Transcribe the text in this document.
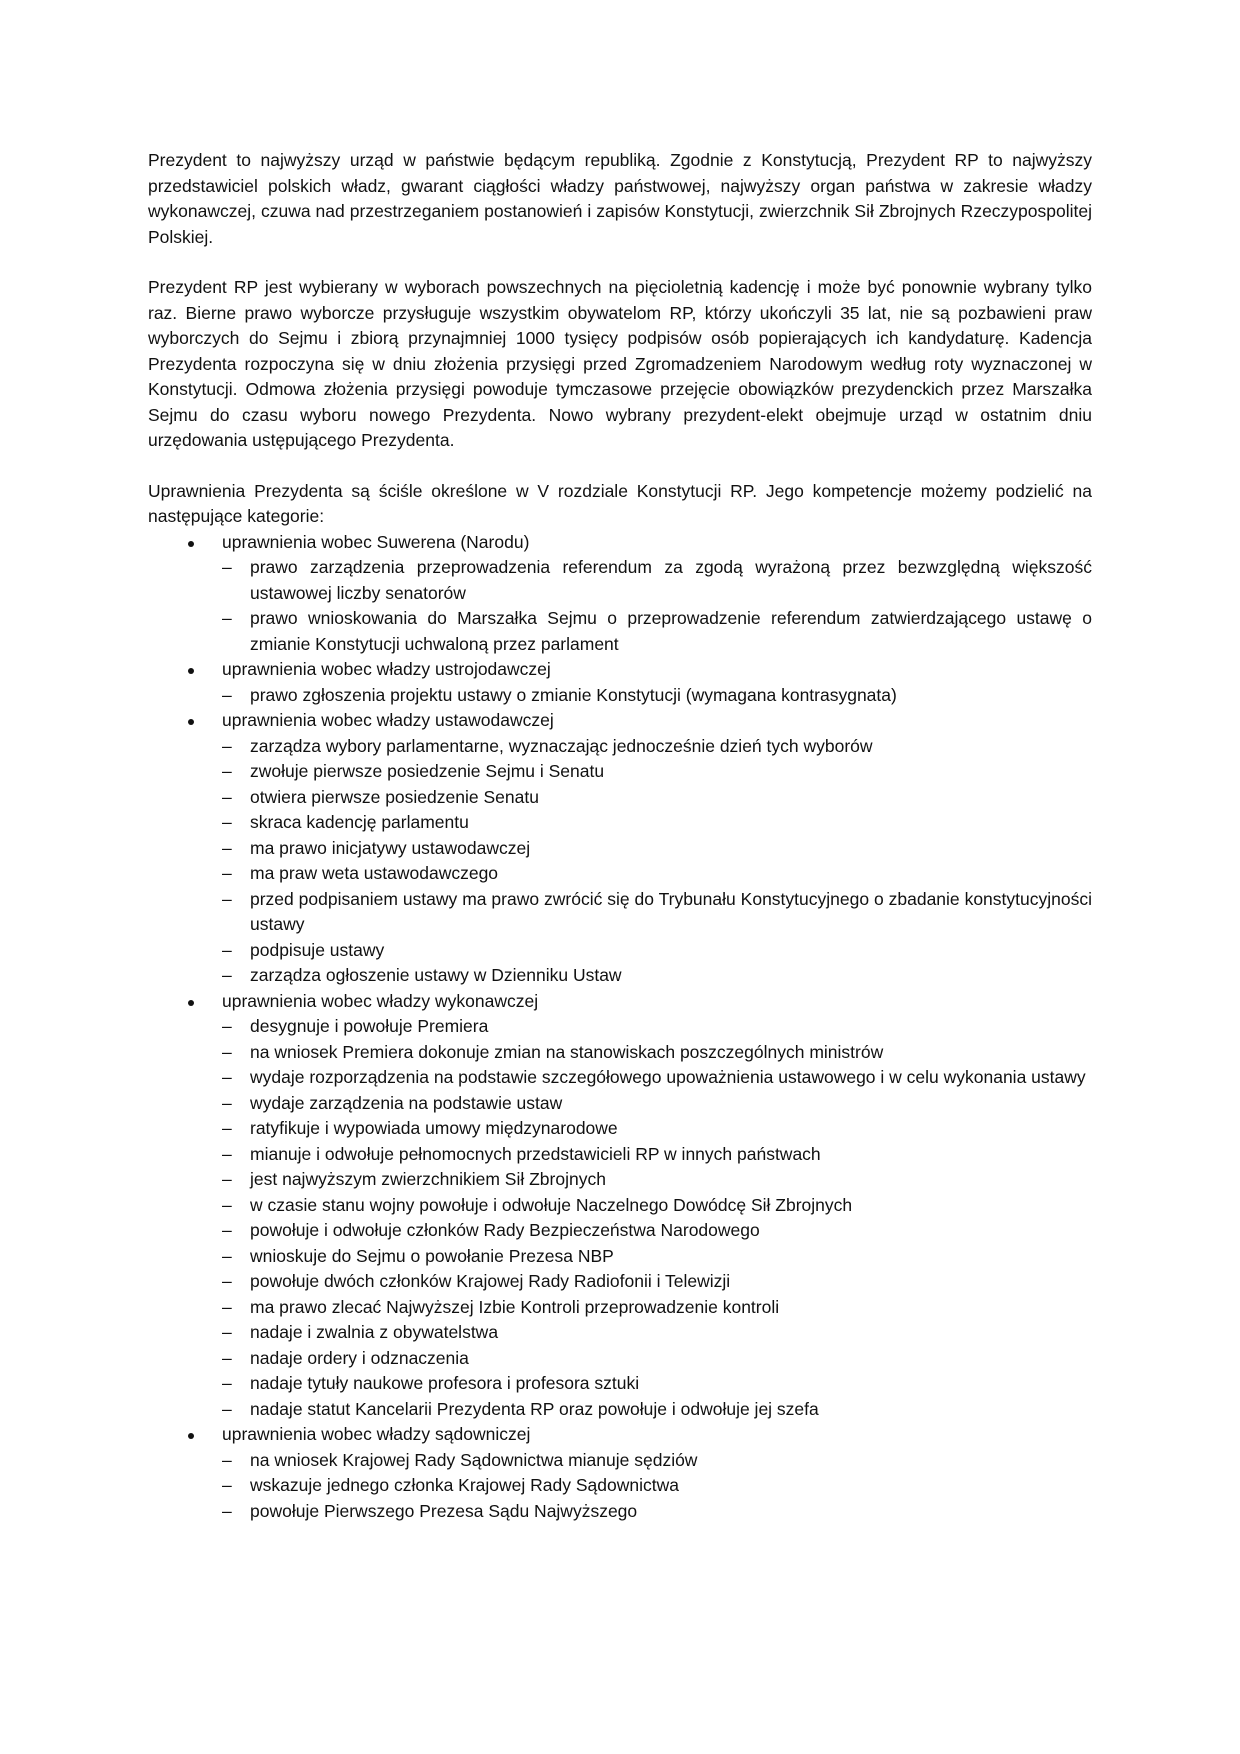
Prezydent to najwyższy urząd w państwie będącym republiką. Zgodnie z Konstytucją, Prezydent RP to najwyższy przedstawiciel polskich władz, gwarant ciągłości władzy państwowej, najwyższy organ państwa w zakresie władzy wykonawczej, czuwa nad przestrzeganiem postanowień i zapisów Konstytucji, zwierzchnik Sił Zbrojnych Rzeczypospolitej Polskiej.

Prezydent RP jest wybierany w wyborach powszechnych na pięcioletnią kadencję i może być ponownie wybrany tylko raz. Bierne prawo wyborcze przysługuje wszystkim obywatelom RP, którzy ukończyli 35 lat, nie są pozbawieni praw wyborczych do Sejmu i zbiorą przynajmniej 1000 tysięcy podpisów osób popierających ich kandydaturę. Kadencja Prezydenta rozpoczyna się w dniu złożenia przysięgi przed Zgromadzeniem Narodowym według roty wyznaczonej w Konstytucji. Odmowa złożenia przysięgi powoduje tymczasowe przejęcie obowiązków prezydenckich przez Marszałka Sejmu do czasu wyboru nowego Prezydenta. Nowo wybrany prezydent-elekt obejmuje urząd w ostatnim dniu urzędowania ustępującego Prezydenta.

Uprawnienia Prezydenta są ściśle określone w V rozdziale Konstytucji RP. Jego kompetencje możemy podzielić na następujące kategorie:

uprawnienia wobec Suwerena (Narodu)
–	prawo zarządzenia przeprowadzenia referendum za zgodą wyrażoną przez bezwzględną większość ustawowej liczby senatorów
–	prawo wnioskowania do Marszałka Sejmu o przeprowadzenie referendum zatwierdzającego ustawę o zmianie Konstytucji uchwaloną przez parlament
uprawnienia wobec władzy ustrojodawczej
–	prawo zgłoszenia projektu ustawy o zmianie Konstytucji (wymagana kontrasygnata)
uprawnienia wobec władzy ustawodawczej
–	zarządza wybory parlamentarne, wyznaczając jednocześnie dzień tych wyborów
–	zwołuje pierwsze posiedzenie Sejmu i Senatu
–	otwiera pierwsze posiedzenie Senatu
–	skraca kadencję parlamentu
–	ma prawo inicjatywy ustawodawczej
–	ma praw weta ustawodawczego
–	przed podpisaniem ustawy ma prawo zwrócić się do Trybunału Konstytucyjnego o zbadanie konstytucyjności ustawy
–	podpisuje ustawy
–	zarządza ogłoszenie ustawy w Dzienniku Ustaw
uprawnienia wobec władzy wykonawczej
–	desygnuje i powołuje Premiera
–	na wniosek Premiera dokonuje zmian na stanowiskach poszczególnych ministrów
–	wydaje rozporządzenia na podstawie szczegółowego upoważnienia ustawowego i w celu wykonania ustawy
–	wydaje zarządzenia na podstawie ustaw
–	ratyfikuje i wypowiada umowy międzynarodowe
–	mianuje i odwołuje pełnomocnych przedstawicieli RP w innych państwach
–	jest najwyższym zwierzchnikiem Sił Zbrojnych
–	w czasie stanu wojny powołuje i odwołuje Naczelnego Dowódcę Sił Zbrojnych
–	powołuje i odwołuje członków Rady Bezpieczeństwa Narodowego
–	wnioskuje do Sejmu o powołanie Prezesa NBP
–	powołuje dwóch członków Krajowej Rady Radiofonii i Telewizji
–	ma prawo zlecać Najwyższej Izbie Kontroli przeprowadzenie kontroli
–	nadaje i zwalnia z obywatelstwa
–	nadaje ordery i odznaczenia
–	nadaje tytuły naukowe profesora i profesora sztuki
–	nadaje statut Kancelarii Prezydenta RP oraz powołuje i odwołuje jej szefa
uprawnienia wobec władzy sądowniczej
–	na wniosek Krajowej Rady Sądownictwa mianuje sędziów
–	wskazuje jednego członka Krajowej Rady Sądownictwa
–	powołuje Pierwszego Prezesa Sądu Najwyższego
